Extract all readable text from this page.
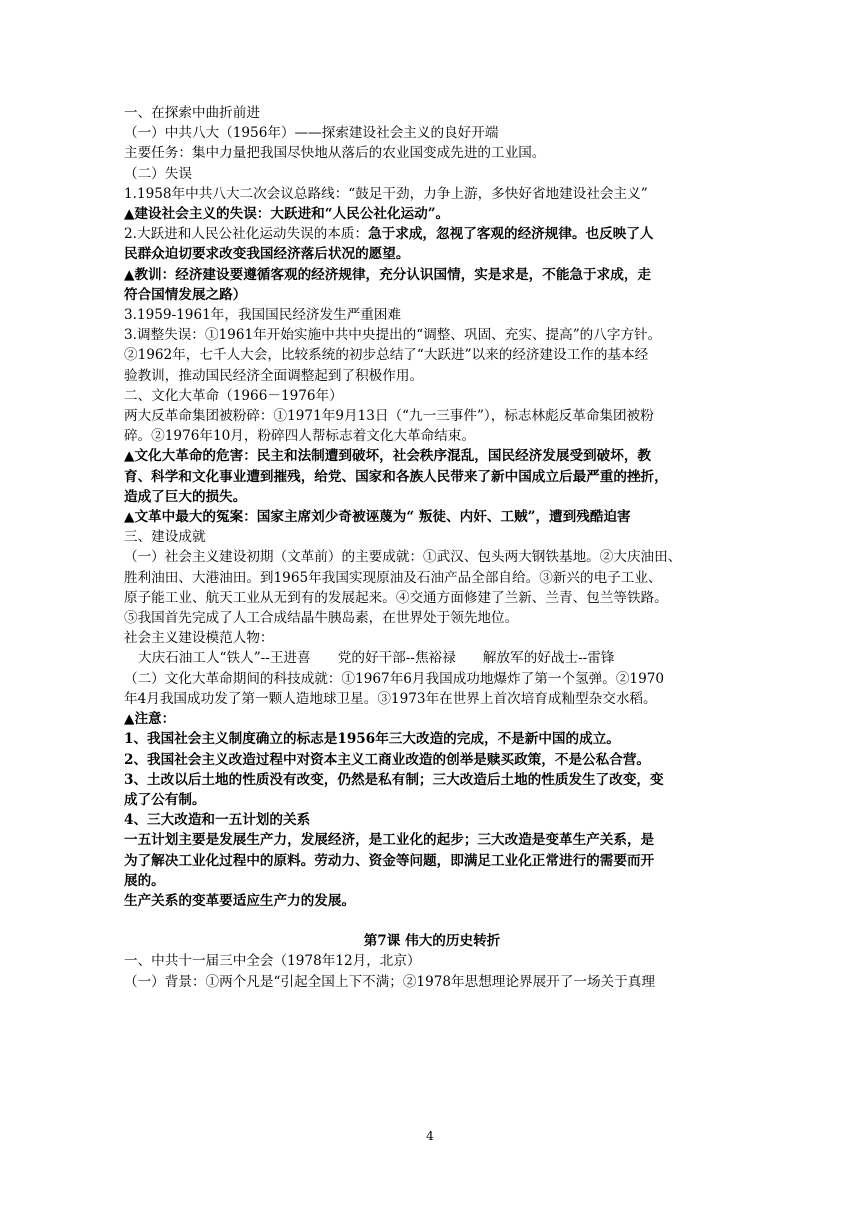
一、在探索中曲折前进
（一）中共八大（1956年）——探索建设社会主义的良好开端
主要任务：集中力量把我国尽快地从落后的农业国变成先进的工业国。
（二）失误
1.1958年中共八大二次会议总路线：“鼓足干劲，力争上游，多快好省地建设社会主义”
▲建设社会主义的失误：大跃进和“人民公社化运动”。
2.大跃进和人民公社化运动失误的本质：急于求成，忽视了客观的经济规律。也反映了人
民群众迫切要求改变我国经济落后状况的愿望。
▲教训：经济建设要遵循客观的经济规律，充分认识国情，实是求是，不能急于求成，走
符合国情发展之路）
3.1959-1961年，我国国民经济发生严重困难
3.调整失误：①1961年开始实施中共中央提出的“调整、巩固、充实、提高”的八字方针。
②1962年，七千人大会，比较系统的初步总结了“大跃进”以来的经济建设工作的基本经
验教训，推动国民经济全面调整起到了积极作用。
二、文化大革命（1966－1976年）
两大反革命集团被粉碎：①1971年9月13日（“九一三事件”），标志林彪反革命集团被粉
碎。②1976年10月，粉碎四人帮标志着文化大革命结束。
▲文化大革命的危害：民主和法制遭到破坏，社会秩序混乱，国民经济发展受到破坏，教
育、科学和文化事业遭到摧残，给党、国家和各族人民带来了新中国成立后最严重的挫折，
造成了巨大的损失。
▲文革中最大的冤案：国家主席刘少奇被诬蔑为“ 叛徒、内奸、工贼”，遭到残酷迫害
三、建设成就
（一）社会主义建设初期（文革前）的主要成就：①武汉、包头两大钢铁基地。②大庆油田、
胜利油田、大港油田。到1965年我国实现原油及石油产品全部自给。③新兴的电子工业、
原子能工业、航天工业从无到有的发展起来。④交通方面修建了兰新、兰青、包兰等铁路。
⑤我国首先完成了人工合成结晶牛胰岛素，在世界处于领先地位。
社会主义建设模范人物：
大庆石油工人“铁人”--王进喜　　党的好干部--焦裕禄　　解放军的好战士--雷锋
（二）文化大革命期间的科技成就：①1967年6月我国成功地爆炸了第一个氢弹。②1970
年4月我国成功发了第一颗人造地球卫星。③1973年在世界上首次培育成籼型杂交水稻。
▲注意：
1、我国社会主义制度确立的标志是1956年三大改造的完成，不是新中国的成立。
2、我国社会主义改造过程中对资本主义工商业改造的创举是赎买政策，不是公私合营。
3、土改以后土地的性质没有改变，仍然是私有制；三大改造后土地的性质发生了改变，变
成了公有制。
4、三大改造和一五计划的关系
一五计划主要是发展生产力，发展经济，是工业化的起步；三大改造是变革生产关系，是
为了解决工业化过程中的原料。劳动力、资金等问题，即满足工业化正常进行的需要而开
展的。
生产关系的变革要适应生产力的发展。
第7课 伟大的历史转折
一、中共十一届三中全会（1978年12月，北京）
（一）背景：①两个凡是“引起全国上下不满；②1978年思想理论界展开了一场关于真理
4
